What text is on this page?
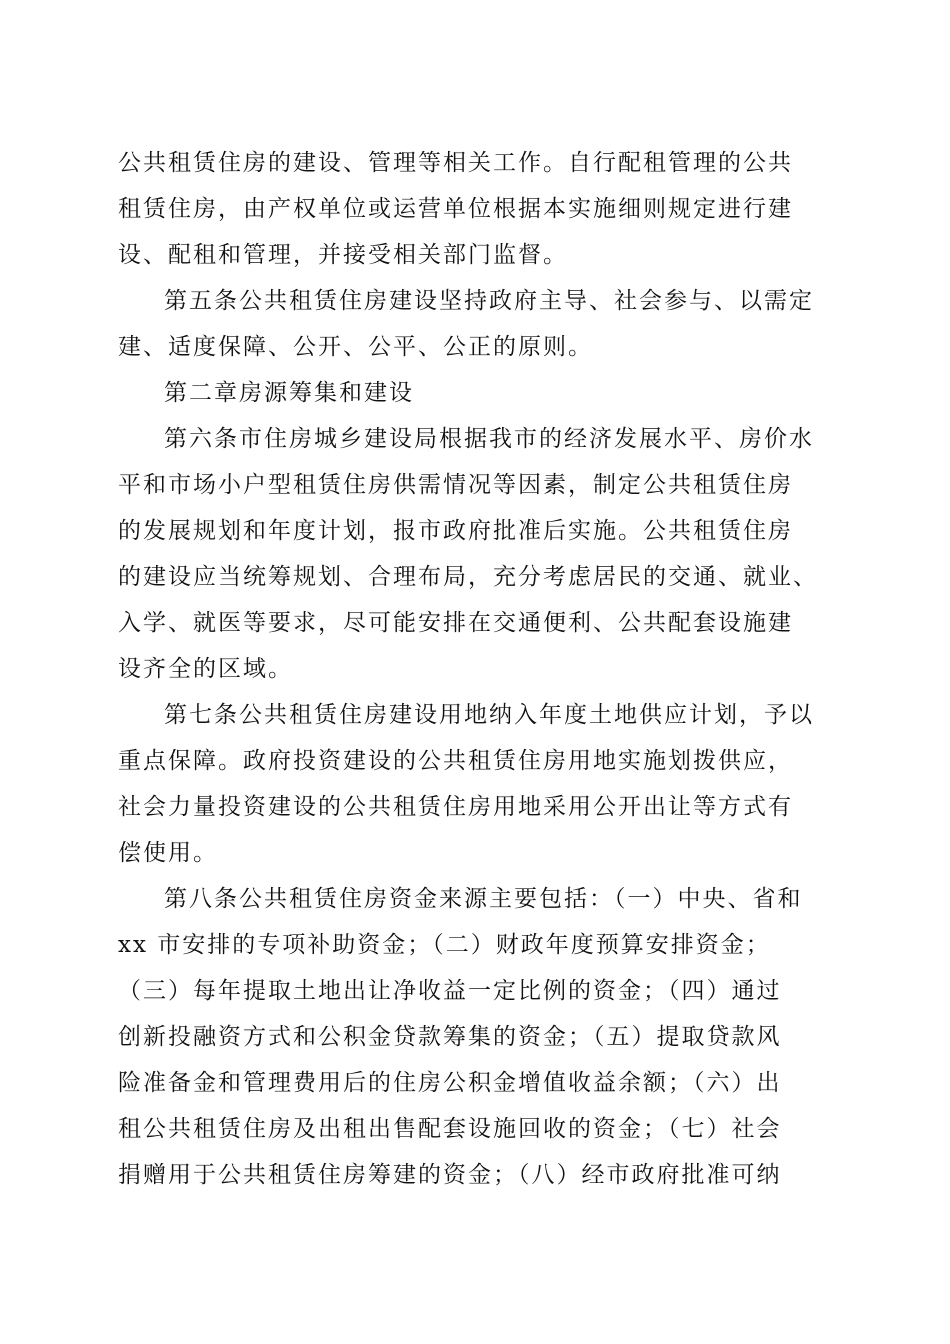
公共租赁住房的建设、管理等相关工作。自行配租管理的公共
租赁住房，由产权单位或运营单位根据本实施细则规定进行建
设、配租和管理，并接受相关部门监督。
第五条公共租赁住房建设坚持政府主导、社会参与、以需定
建、适度保障、公开、公平、公正的原则。
第二章房源筹集和建设
第六条市住房城乡建设局根据我市的经济发展水平、房价水
平和市场小户型租赁住房供需情况等因素，制定公共租赁住房
的发展规划和年度计划，报市政府批准后实施。公共租赁住房
的建设应当统筹规划、合理布局，充分考虑居民的交通、就业、
入学、就医等要求，尽可能安排在交通便利、公共配套设施建
设齐全的区域。
第七条公共租赁住房建设用地纳入年度土地供应计划，予以
重点保障。政府投资建设的公共租赁住房用地实施划拨供应，
社会力量投资建设的公共租赁住房用地采用公开出让等方式有
偿使用。
第八条公共租赁住房资金来源主要包括：（一）中央、省和
xx 市安排的专项补助资金；（二）财政年度预算安排资金；
（三）每年提取土地出让净收益一定比例的资金；（四）通过
创新投融资方式和公积金贷款筹集的资金；（五）提取贷款风
险准备金和管理费用后的住房公积金增值收益余额；（六）出
租公共租赁住房及出租出售配套设施回收的资金；（七）社会
捐赠用于公共租赁住房筹建的资金；（八）经市政府批准可纳
